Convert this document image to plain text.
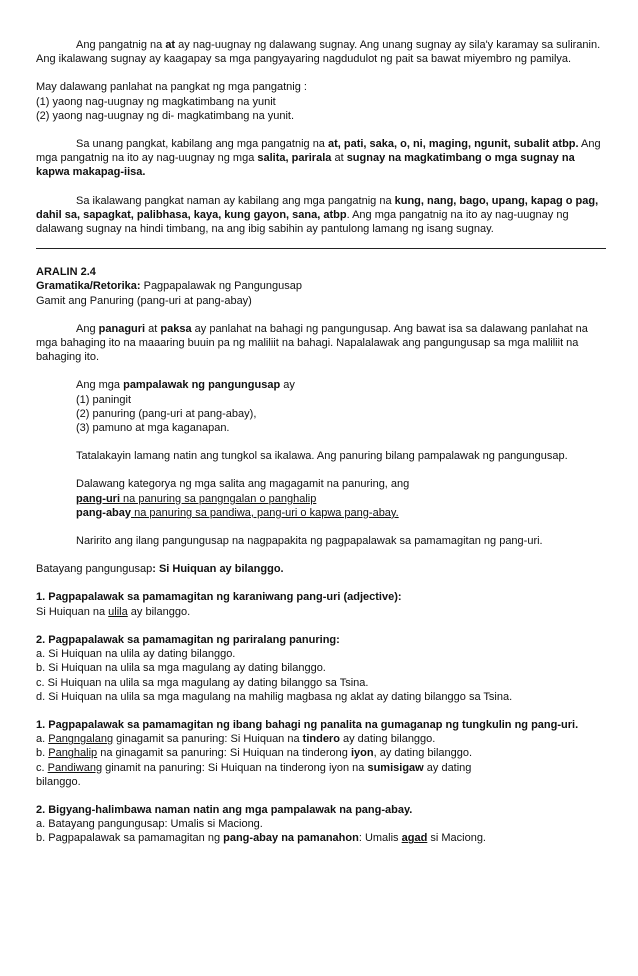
Ang pangatnig na at ay nag-uugnay ng dalawang sugnay. Ang unang sugnay ay sila'y karamay sa suliranin. Ang ikalawang sugnay ay kaagapay sa mga pangyayaring nagdudulot ng pait sa bawat miyembro ng pamilya.

May dalawang panlahat na pangkat ng mga pangatnig :

(1) yaong nag-uugnay ng magkatimbang na yunit

(2) yaong nag-uugnay ng di- magkatimbang na yunit.

Sa unang pangkat, kabilang ang mga pangatnig na at, pati, saka, o, ni, maging, ngunit, subalit atbp. Ang mga pangatnig na ito ay nag-uugnay ng mga salita, parirala at sugnay na magkatimbang o mga sugnay na kapwa makapag-iisa.

Sa ikalawang pangkat naman ay kabilang ang mga pangatnig na kung, nang, bago, upang, kapag o pag, dahil sa, sapagkat, palibhasa, kaya, kung gayon, sana, atbp. Ang mga pangatnig na ito ay nag-uugnay ng dalawang sugnay na hindi timbang, na ang ibig sabihin ay pantulong lamang ng isang sugnay.

ARALIN 2.4

Gramatika/Retorika: Pagpapalawak ng Pangungusap

Gamit ang Panuring (pang-uri at pang-abay)

Ang panaguri at paksa ay panlahat na bahagi ng pangungusap. Ang bawat isa sa dalawang panlahat na mga bahaging ito na maaaring buuin pa ng maliliit na bahagi. Napalalawak ang pangungusap sa mga maliliit na bahaging ito.

Ang mga pampalawak ng pangungusap ay

(1) paningit

(2) panuring (pang-uri at pang-abay),

(3) pamuno at mga kaganapan.

Tatalakayin lamang natin ang tungkol sa ikalawa. Ang panuring bilang pampalawak ng pangungusap.

Dalawang kategorya ng mga salita ang magagamit na panuring, ang

pang-uri na panuring sa pangngalan o panghalip

pang-abay na panuring sa pandiwa, pang-uri o kapwa pang-abay.

Naririto ang ilang pangungusap na nagpapakita ng pagpapalawak sa pamamagitan ng pang-uri.

Batayang pangungusap: Si Huiquan ay bilanggo.

1. Pagpapalawak sa pamamagitan ng karaniwang pang-uri (adjective):

Si Huiquan na ulila ay bilanggo.

2. Pagpapalawak sa pamamagitan ng pariralang panuring:

a. Si Huiquan na ulila ay dating bilanggo.

b. Si Huiquan na ulila sa mga magulang ay dating bilanggo.

c. Si Huiquan na ulila sa mga magulang ay dating bilanggo sa Tsina.

d. Si Huiquan na ulila sa mga magulang na mahilig magbasa ng aklat ay dating bilanggo sa Tsina.

1. Pagpapalawak sa pamamagitan ng ibang bahagi ng panalita na gumaganap ng tungkulin ng pang-uri.

a. Pangngalang ginagamit sa panuring: Si Huiquan na tindero ay dating bilanggo.

b. Panghalip na ginagamit sa panuring: Si Huiquan na tinderong iyon, ay dating bilanggo.

c. Pandiwang ginamit na panuring: Si Huiquan na tinderong iyon na sumisigaw ay dating bilanggo.

2. Bigyang-halimbawa naman natin ang mga pampalawak na pang-abay.

a. Batayang pangungusap: Umalis si Maciong.

b. Pagpapalawak sa pamamagitan ng pang-abay na pamanahon: Umalis agad si Maciong.
